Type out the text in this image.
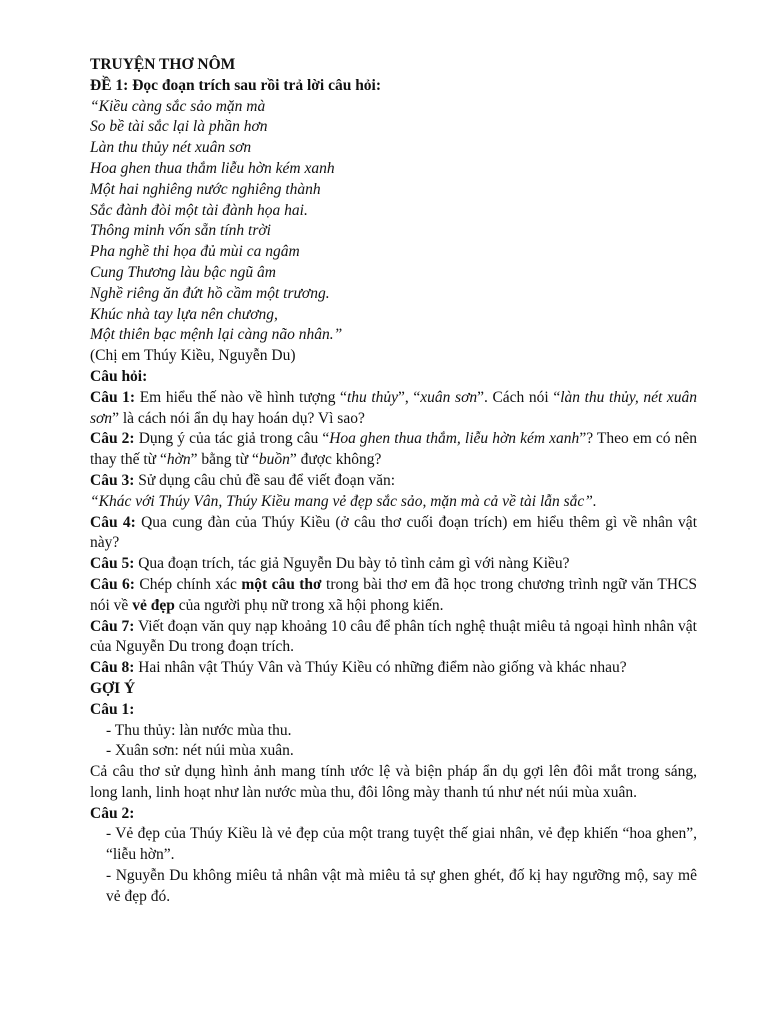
TRUYỆN THƠ NÔM

ĐỀ 1: Đọc đoạn trích sau rồi trả lời câu hỏi:

“Kiều càng sắc sảo mặn mà

So bề tài sắc lại là phần hơn

Làn thu thủy nét xuân sơn

Hoa ghen thua thắm liễu hờn kém xanh

Một hai nghiêng nước nghiêng thành

Sắc đành đòi một tài đành họa hai.

Thông minh vốn sẵn tính trời

Pha nghề thi họa đủ mùi ca ngâm

Cung Thương làu bậc ngũ âm

Nghề riêng ăn đứt hồ cầm một trương.

Khúc nhà tay lựa nên chương,

Một thiên bạc mệnh lại càng não nhân.”

(Chị em Thúy Kiều, Nguyễn Du)

Câu hỏi:

Câu 1: Em hiểu thế nào về hình tượng “thu thủy”, “xuân sơn”. Cách nói “làn thu thủy, nét xuân sơn” là cách nói ẩn dụ hay hoán dụ? Vì sao?

Câu 2: Dụng ý của tác giả trong câu “Hoa ghen thua thắm, liễu hờn kém xanh”? Theo em có nên thay thế từ “hờn” bằng từ “buồn” được không?

Câu 3: Sử dụng câu chủ đề sau để viết đoạn văn:

“Khác với Thúy Vân, Thúy Kiều mang vẻ đẹp sắc sảo, mặn mà cả về tài lẫn sắc”.

Câu 4: Qua cung đàn của Thúy Kiều (ở câu thơ cuối đoạn trích) em hiểu thêm gì về nhân vật này?

Câu 5: Qua đoạn trích, tác giả Nguyễn Du bày tỏ tình cảm gì với nàng Kiều?

Câu 6: Chép chính xác một câu thơ trong bài thơ em đã học trong chương trình ngữ văn THCS nói về vẻ đẹp của người phụ nữ trong xã hội phong kiến.

Câu 7: Viết đoạn văn quy nạp khoảng 10 câu để phân tích nghệ thuật miêu tả ngoại hình nhân vật của Nguyễn Du trong đoạn trích.

Câu 8: Hai nhân vật Thúy Vân và Thúy Kiều có những điểm nào giống và khác nhau?

GỢI Ý

Câu 1:

- Thu thủy: làn nước mùa thu.

- Xuân sơn: nét núi mùa xuân.

Cả câu thơ sử dụng hình ảnh mang tính ước lệ và biện pháp ẩn dụ gợi lên đôi mắt trong sáng, long lanh, linh hoạt như làn nước mùa thu, đôi lông mày thanh tú như nét núi mùa xuân.

Câu 2:

- Vẻ đẹp của Thúy Kiều là vẻ đẹp của một trang tuyệt thế giai nhân, vẻ đẹp khiến “hoa ghen”, “liễu hờn”.

- Nguyễn Du không miêu tả nhân vật mà miêu tả sự ghen ghét, đố kị hay ngưỡng mộ, say mê vẻ đẹp đó.
